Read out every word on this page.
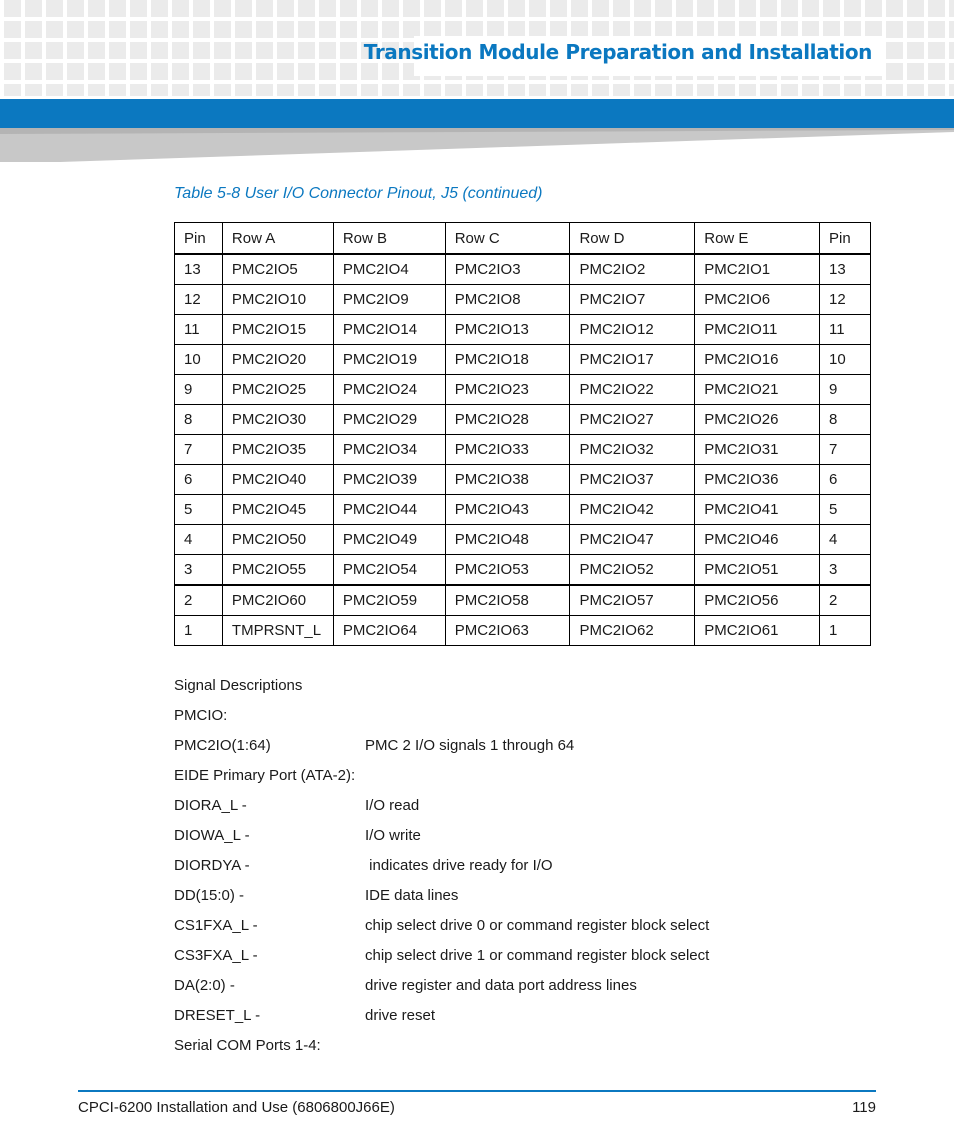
Transition Module Preparation and Installation
Table 5-8 User I/O Connector Pinout, J5 (continued)
Pin	Row A	Row B	Row C	Row D	Row E	Pin
13	PMC2IO5	PMC2IO4	PMC2IO3	PMC2IO2	PMC2IO1	13
12	PMC2IO10	PMC2IO9	PMC2IO8	PMC2IO7	PMC2IO6	12
11	PMC2IO15	PMC2IO14	PMC2IO13	PMC2IO12	PMC2IO11	11
10	PMC2IO20	PMC2IO19	PMC2IO18	PMC2IO17	PMC2IO16	10
9	PMC2IO25	PMC2IO24	PMC2IO23	PMC2IO22	PMC2IO21	9
8	PMC2IO30	PMC2IO29	PMC2IO28	PMC2IO27	PMC2IO26	8
7	PMC2IO35	PMC2IO34	PMC2IO33	PMC2IO32	PMC2IO31	7
6	PMC2IO40	PMC2IO39	PMC2IO38	PMC2IO37	PMC2IO36	6
5	PMC2IO45	PMC2IO44	PMC2IO43	PMC2IO42	PMC2IO41	5
4	PMC2IO50	PMC2IO49	PMC2IO48	PMC2IO47	PMC2IO46	4
3	PMC2IO55	PMC2IO54	PMC2IO53	PMC2IO52	PMC2IO51	3
2	PMC2IO60	PMC2IO59	PMC2IO58	PMC2IO57	PMC2IO56	2
1	TMPRSNT_L	PMC2IO64	PMC2IO63	PMC2IO62	PMC2IO61	1
Signal Descriptions
PMCIO:
PMC2IO(1:64)	PMC 2 I/O signals 1 through 64
EIDE Primary Port (ATA-2):
DIORA_L -	I/O read
DIOWA_L -	I/O write
DIORDYA -	indicates drive ready for I/O
DD(15:0) -	IDE data lines
CS1FXA_L -	chip select drive 0 or command register block select
CS3FXA_L -	chip select drive 1 or command register block select
DA(2:0) -	drive register and data port address lines
DRESET_L -	drive reset
Serial COM Ports 1-4:
CPCI-6200 Installation and Use (6806800J66E)	119
